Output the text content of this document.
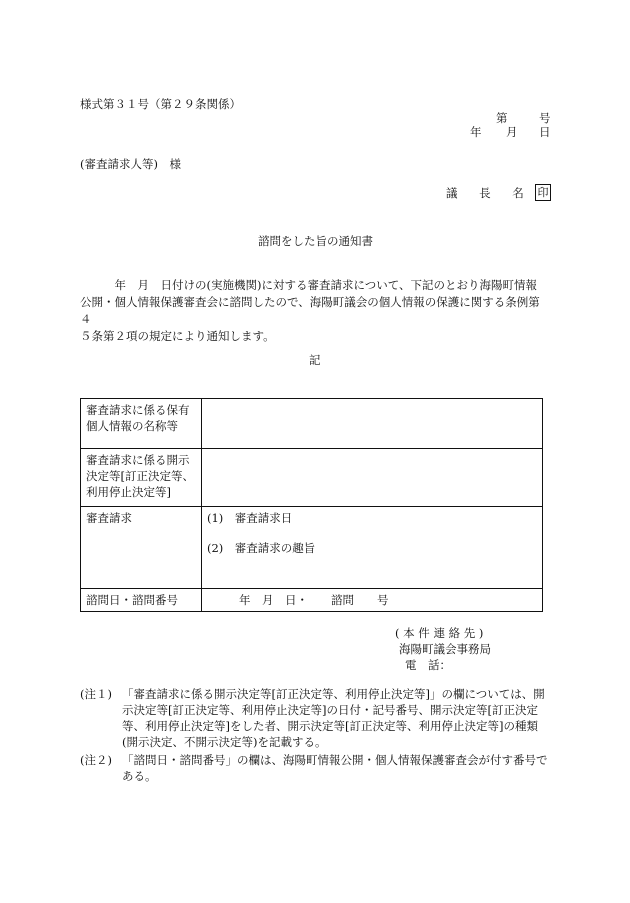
様式第３１号（第２９条関係）
第	号
年 月 日
(審査請求人等)　様
議 長 名 印
諮問をした旨の通知書

　　　年　月　日付けの(実施機関)に対する審査請求について、下記のとおり海陽町情報

公開・個人情報保護審査会に諮問したので、海陽町議会の個人情報の保護に関する条例第４

５条第２項の規定により通知します。

記
審査請求に係る保有
個人情報の名称等	

審査請求に係る開示
決定等[訂正決定等、
利用停止決定等]	

審査請求	(1)　審査請求日
(2)　審査請求の趣旨

諮問日・諮問番号	年　月　日・　　諮問　　号
( 本 件 連 絡 先 )
海陽町議会事務局
電　話：
(注１) 「審査請求に係る開示決定等[訂正決定等、利用停止決定等]」の欄については、開示決定等[訂正決定等、利用停止決定等]の日付・記号番号、開示決定等[訂正決定等、利用停止決定等]をした者、開示決定等[訂正決定等、利用停止決定等]の種類(開示決定、不開示決定等)を記載する。
(注２) 「諮問日・諮問番号」の欄は、海陽町情報公開・個人情報保護審査会が付す番号である。
